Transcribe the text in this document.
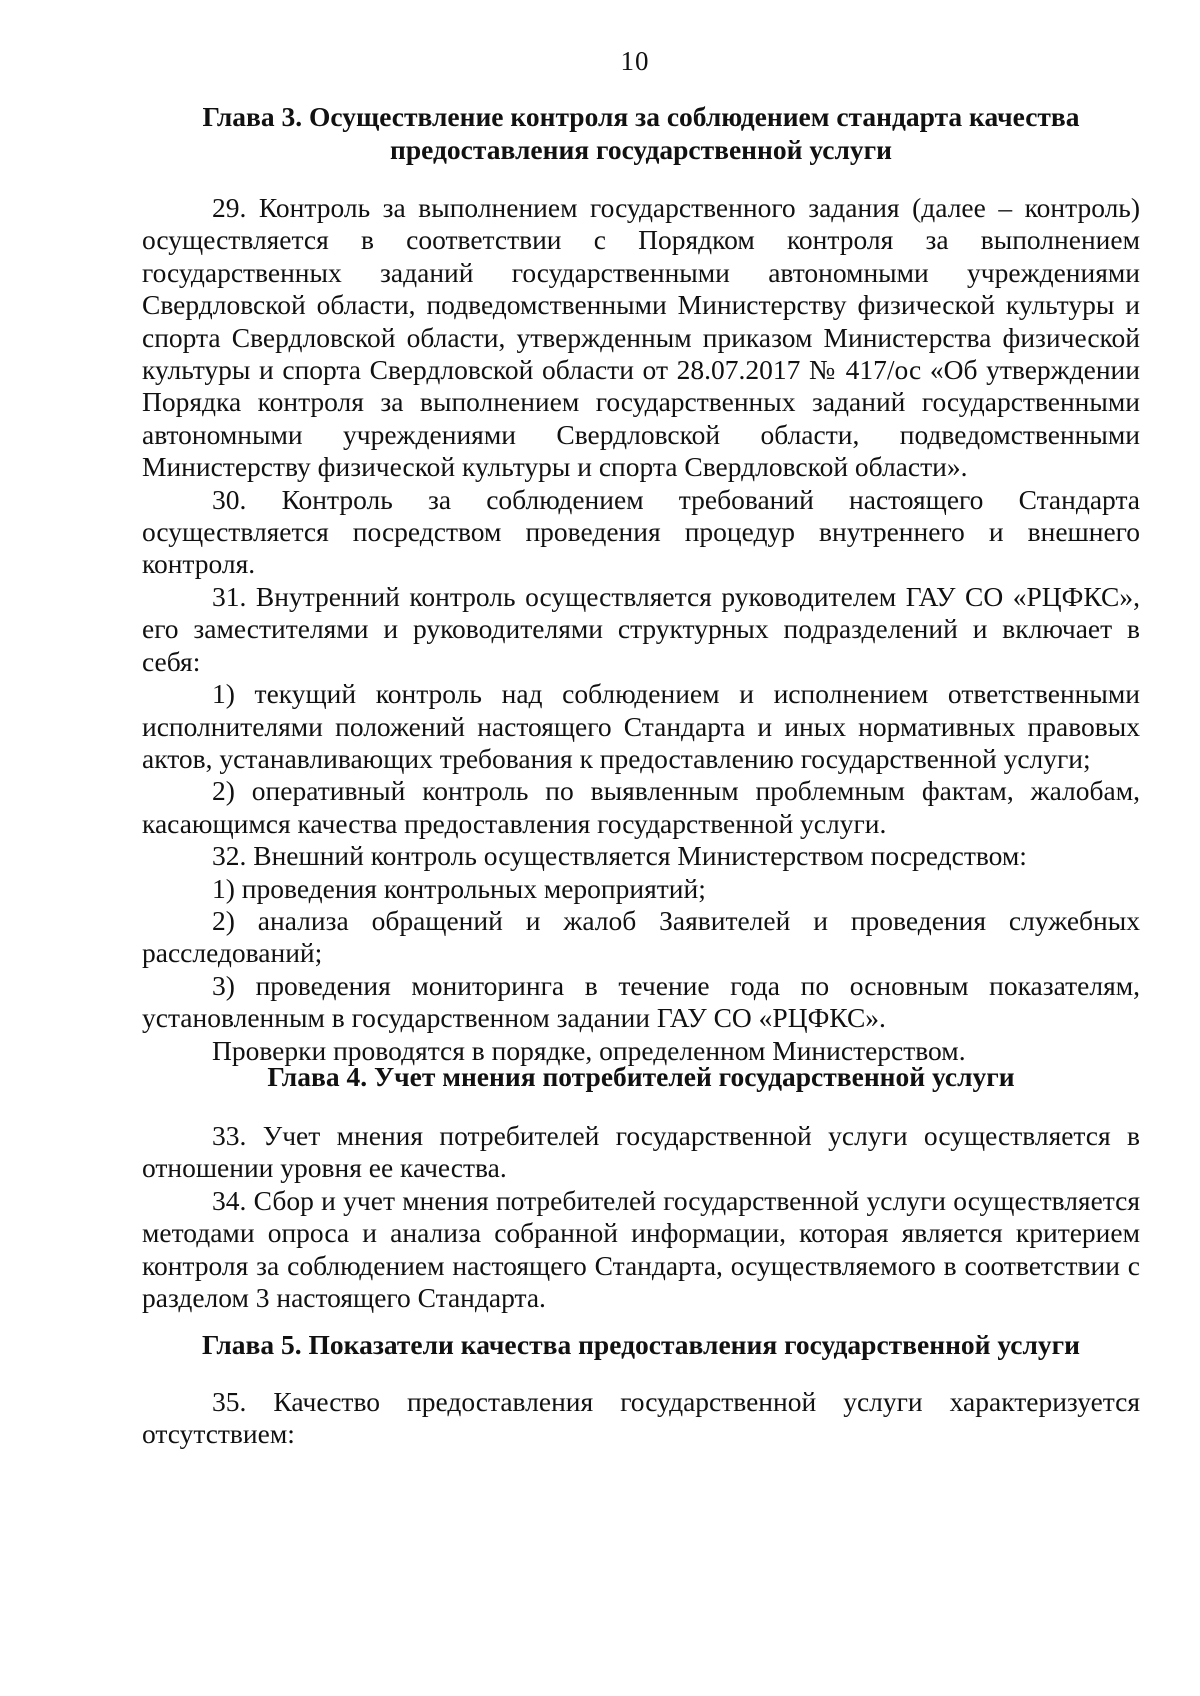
10
Глава 3. Осуществление контроля за соблюдением стандарта качества
предоставления государственной услуги

29. Контроль за выполнением государственного задания (далее – контроль) осуществляется в соответствии с Порядком контроля за выполнением государственных заданий государственными автономными учреждениями Свердловской области, подведомственными Министерству физической культуры и спорта Свердловской области, утвержденным приказом Министерства физической культуры и спорта Свердловской области от 28.07.2017 № 417/ос «Об утверждении Порядка контроля за выполнением государственных заданий государственными автономными учреждениями Свердловской области, подведомственными Министерству физической культуры и спорта Свердловской области».

30. Контроль за соблюдением требований настоящего Стандарта осуществляется посредством проведения процедур внутреннего и внешнего контроля.

31. Внутренний контроль осуществляется руководителем ГАУ СО «РЦФКС», его заместителями и руководителями структурных подразделений и включает в себя:

1) текущий контроль над соблюдением и исполнением ответственными исполнителями положений настоящего Стандарта и иных нормативных правовых актов, устанавливающих требования к предоставлению государственной услуги;

2) оперативный контроль по выявленным проблемным фактам, жалобам, касающимся качества предоставления государственной услуги.

32. Внешний контроль осуществляется Министерством посредством:

1) проведения контрольных мероприятий;

2) анализа обращений и жалоб Заявителей и проведения служебных расследований;

3) проведения мониторинга в течение года по основным показателям, установленным в государственном задании ГАУ СО «РЦФКС».

Проверки проводятся в порядке, определенном Министерством.

Глава 4. Учет мнения потребителей государственной услуги

33. Учет мнения потребителей государственной услуги осуществляется в отношении уровня ее качества.

34. Сбор и учет мнения потребителей государственной услуги осуществляется методами опроса и анализа собранной информации, которая является критерием контроля за соблюдением настоящего Стандарта, осуществляемого в соответствии с разделом 3 настоящего Стандарта.

Глава 5. Показатели качества предоставления государственной услуги

35. Качество предоставления государственной услуги характеризуется отсутствием:
